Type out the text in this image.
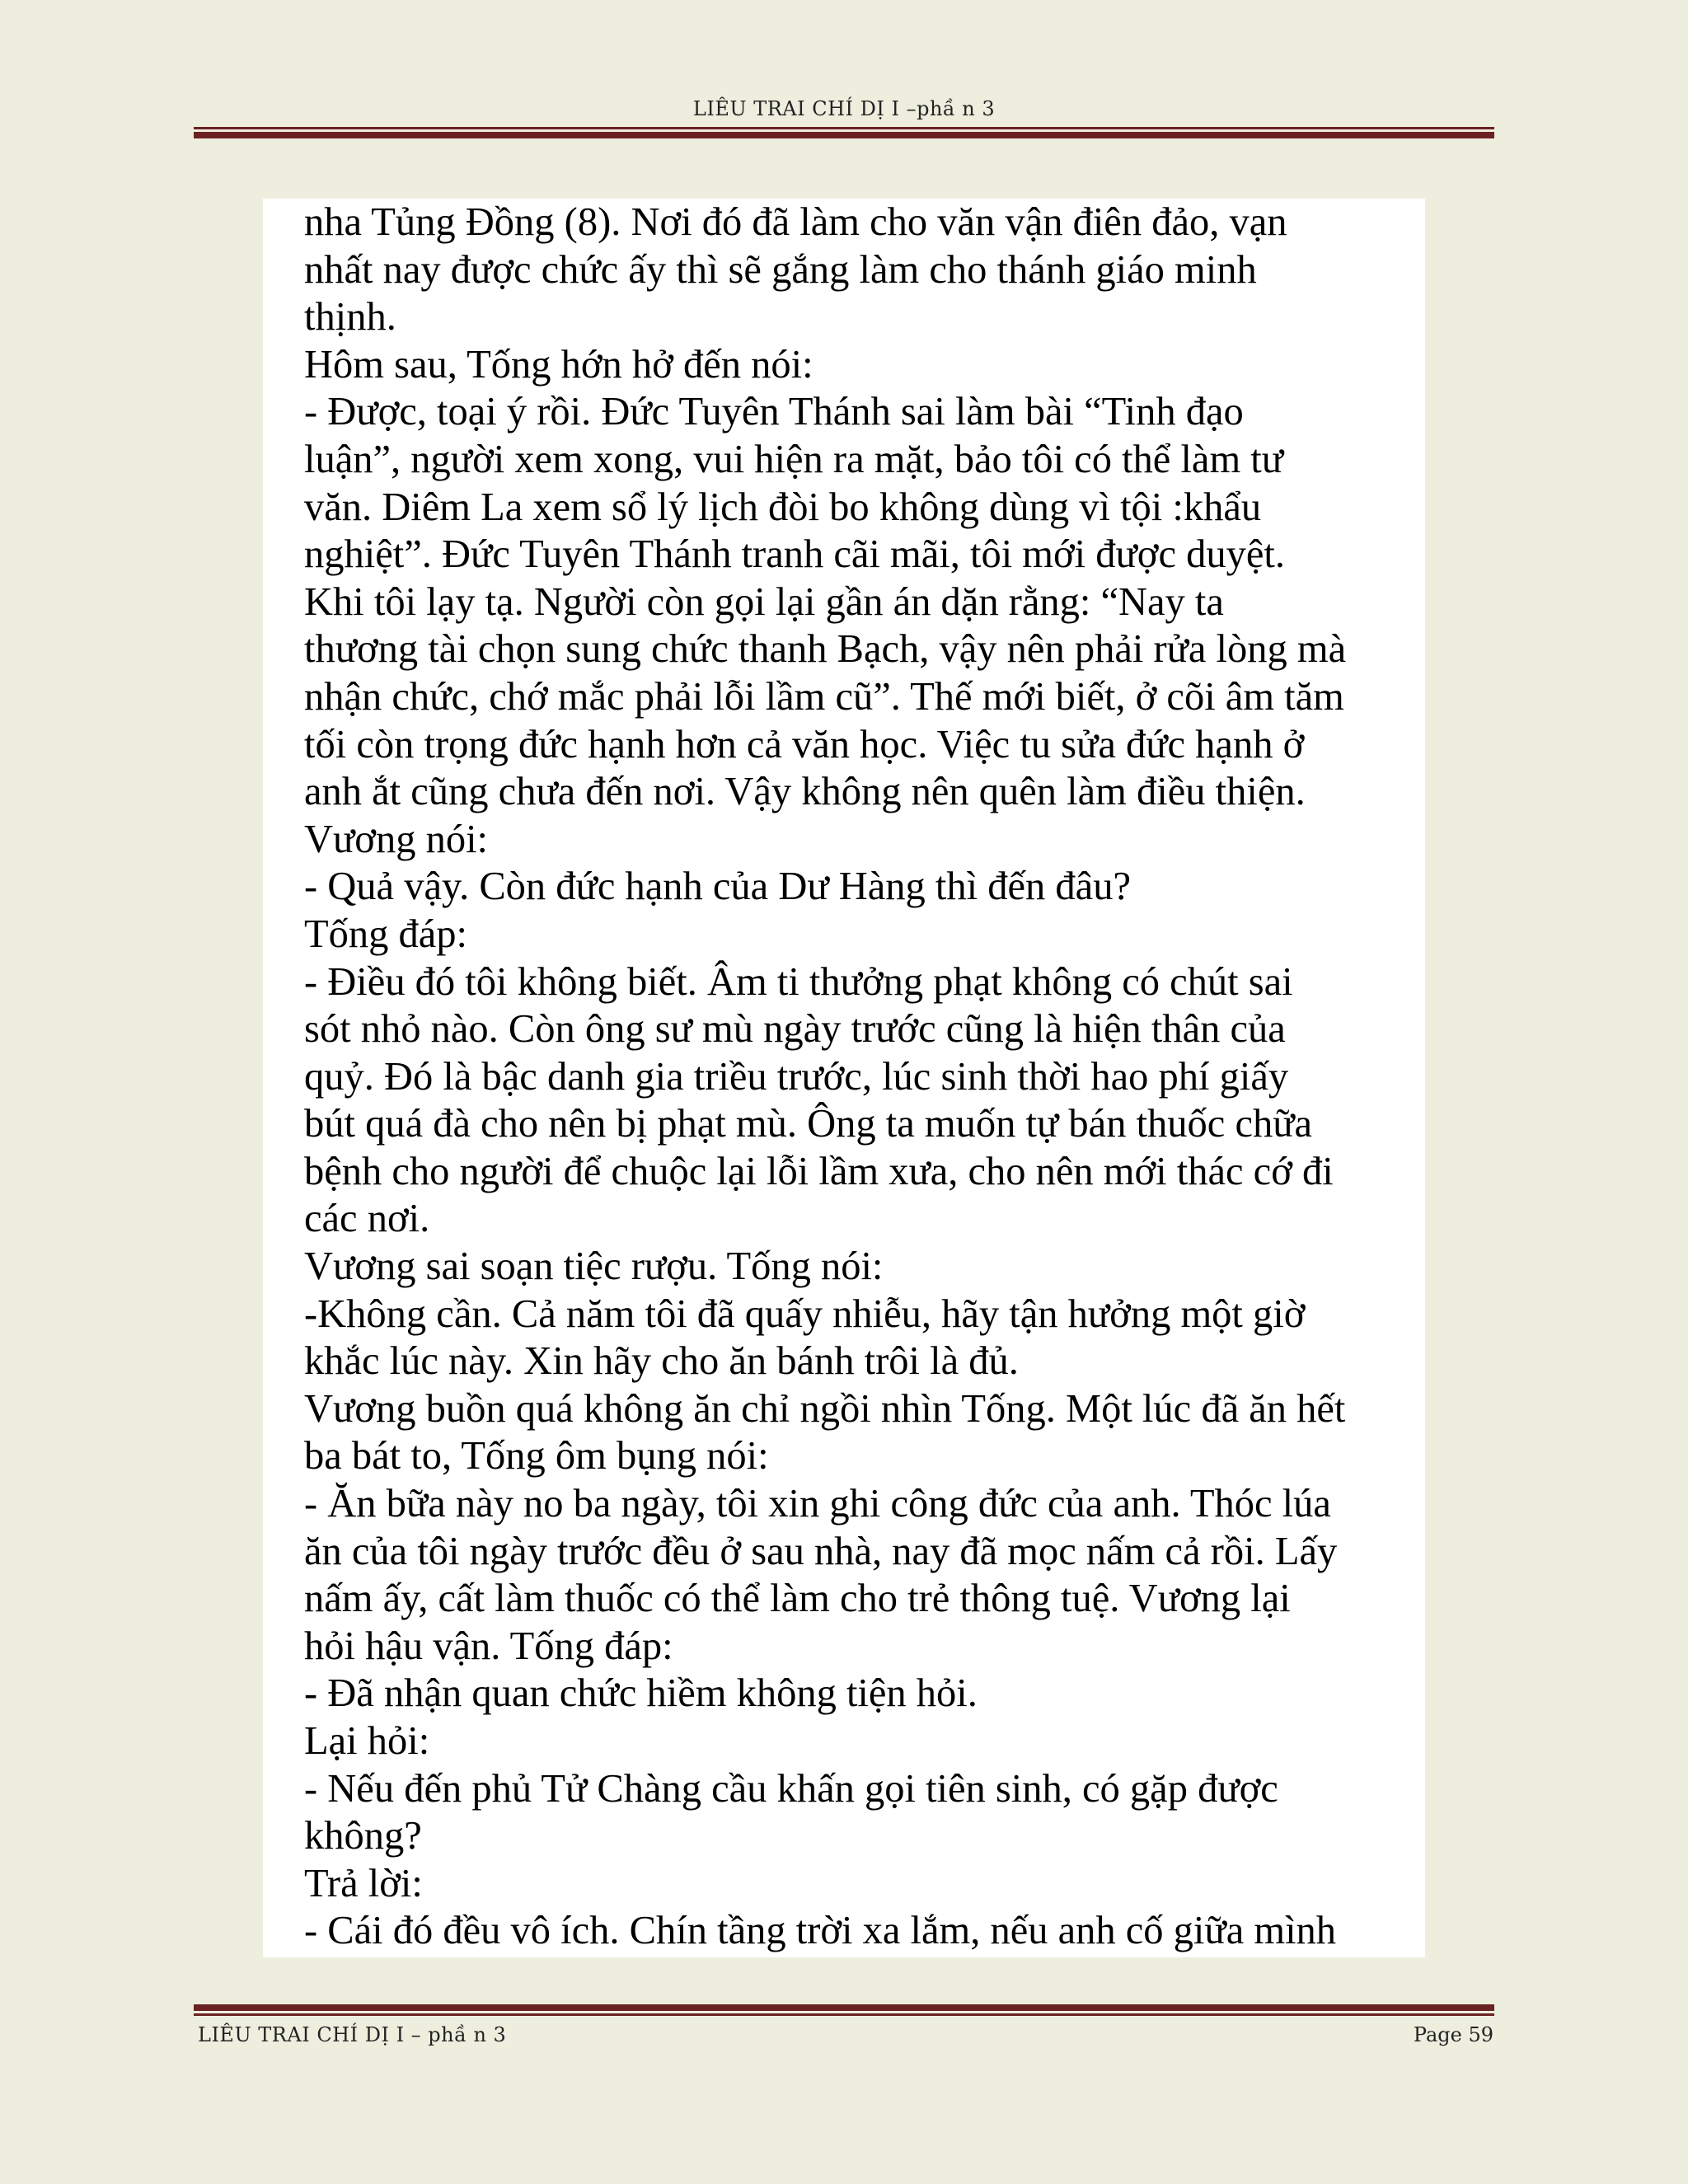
LIÊU TRAI CHÍ DỊ I –phầ n 3
nha Tủng Đồng (8). Nơi đó đã làm cho văn vận điên đảo, vạn
nhất nay được chức ấy thì sẽ gắng làm cho thánh giáo minh
thịnh.
Hôm sau, Tống hớn hở đến nói:
- Được, toại ý rồi. Đức Tuyên Thánh sai làm bài “Tinh đạo
luận”, người xem xong, vui hiện ra mặt, bảo tôi có thể làm tư
văn. Diêm La xem sổ lý lịch đòi bo không dùng vì tội :khẩu
nghiệt”. Đức Tuyên Thánh tranh cãi mãi, tôi mới được duyệt.
Khi tôi lạy tạ. Người còn gọi lại gần án dặn rằng: “Nay ta
thương tài chọn sung chức thanh Bạch, vậy nên phải rửa lòng mà
nhận chức, chớ mắc phải lỗi lầm cũ”. Thế mới biết, ở cõi âm tăm
tối còn trọng đức hạnh hơn cả văn học. Việc tu sửa đức hạnh ở
anh ắt cũng chưa đến nơi. Vậy không nên quên làm điều thiện.
Vương nói:
- Quả vậy. Còn đức hạnh của Dư Hàng thì đến đâu?
Tống đáp:
- Điều đó tôi không biết. Âm ti thưởng phạt không có chút sai
sót nhỏ nào. Còn ông sư mù ngày trước cũng là hiện thân của
quỷ. Đó là bậc danh gia triều trước, lúc sinh thời hao phí giấy
bút quá đà cho nên bị phạt mù. Ông ta muốn tự bán thuốc chữa
bệnh cho người để chuộc lại lỗi lầm xưa, cho nên mới thác cớ đi
các nơi.
Vương sai soạn tiệc rượu. Tống nói:
-Không cần. Cả năm tôi đã quấy nhiễu, hãy tận hưởng một giờ
khắc lúc này. Xin hãy cho ăn bánh trôi là đủ.
Vương buồn quá không ăn chỉ ngồi nhìn Tống. Một lúc đã ăn hết
ba bát to, Tống ôm bụng nói:
- Ăn bữa này no ba ngày, tôi xin ghi công đức của anh. Thóc lúa
ăn của tôi ngày trước đều ở sau nhà, nay đã mọc nấm cả rồi. Lấy
nấm ấy, cất làm thuốc có thể làm cho trẻ thông tuệ. Vương lại
hỏi hậu vận. Tống đáp:
- Đã nhận quan chức hiềm không tiện hỏi.
Lại hỏi:
- Nếu đến phủ Tử Chàng cầu khấn gọi tiên sinh, có gặp được
không?
Trả lời:
- Cái đó đều vô ích. Chín tầng trời xa lắm, nếu anh cố giữa mình
LIÊU TRAI CHÍ DỊ I – phầ n 3	Page 59
